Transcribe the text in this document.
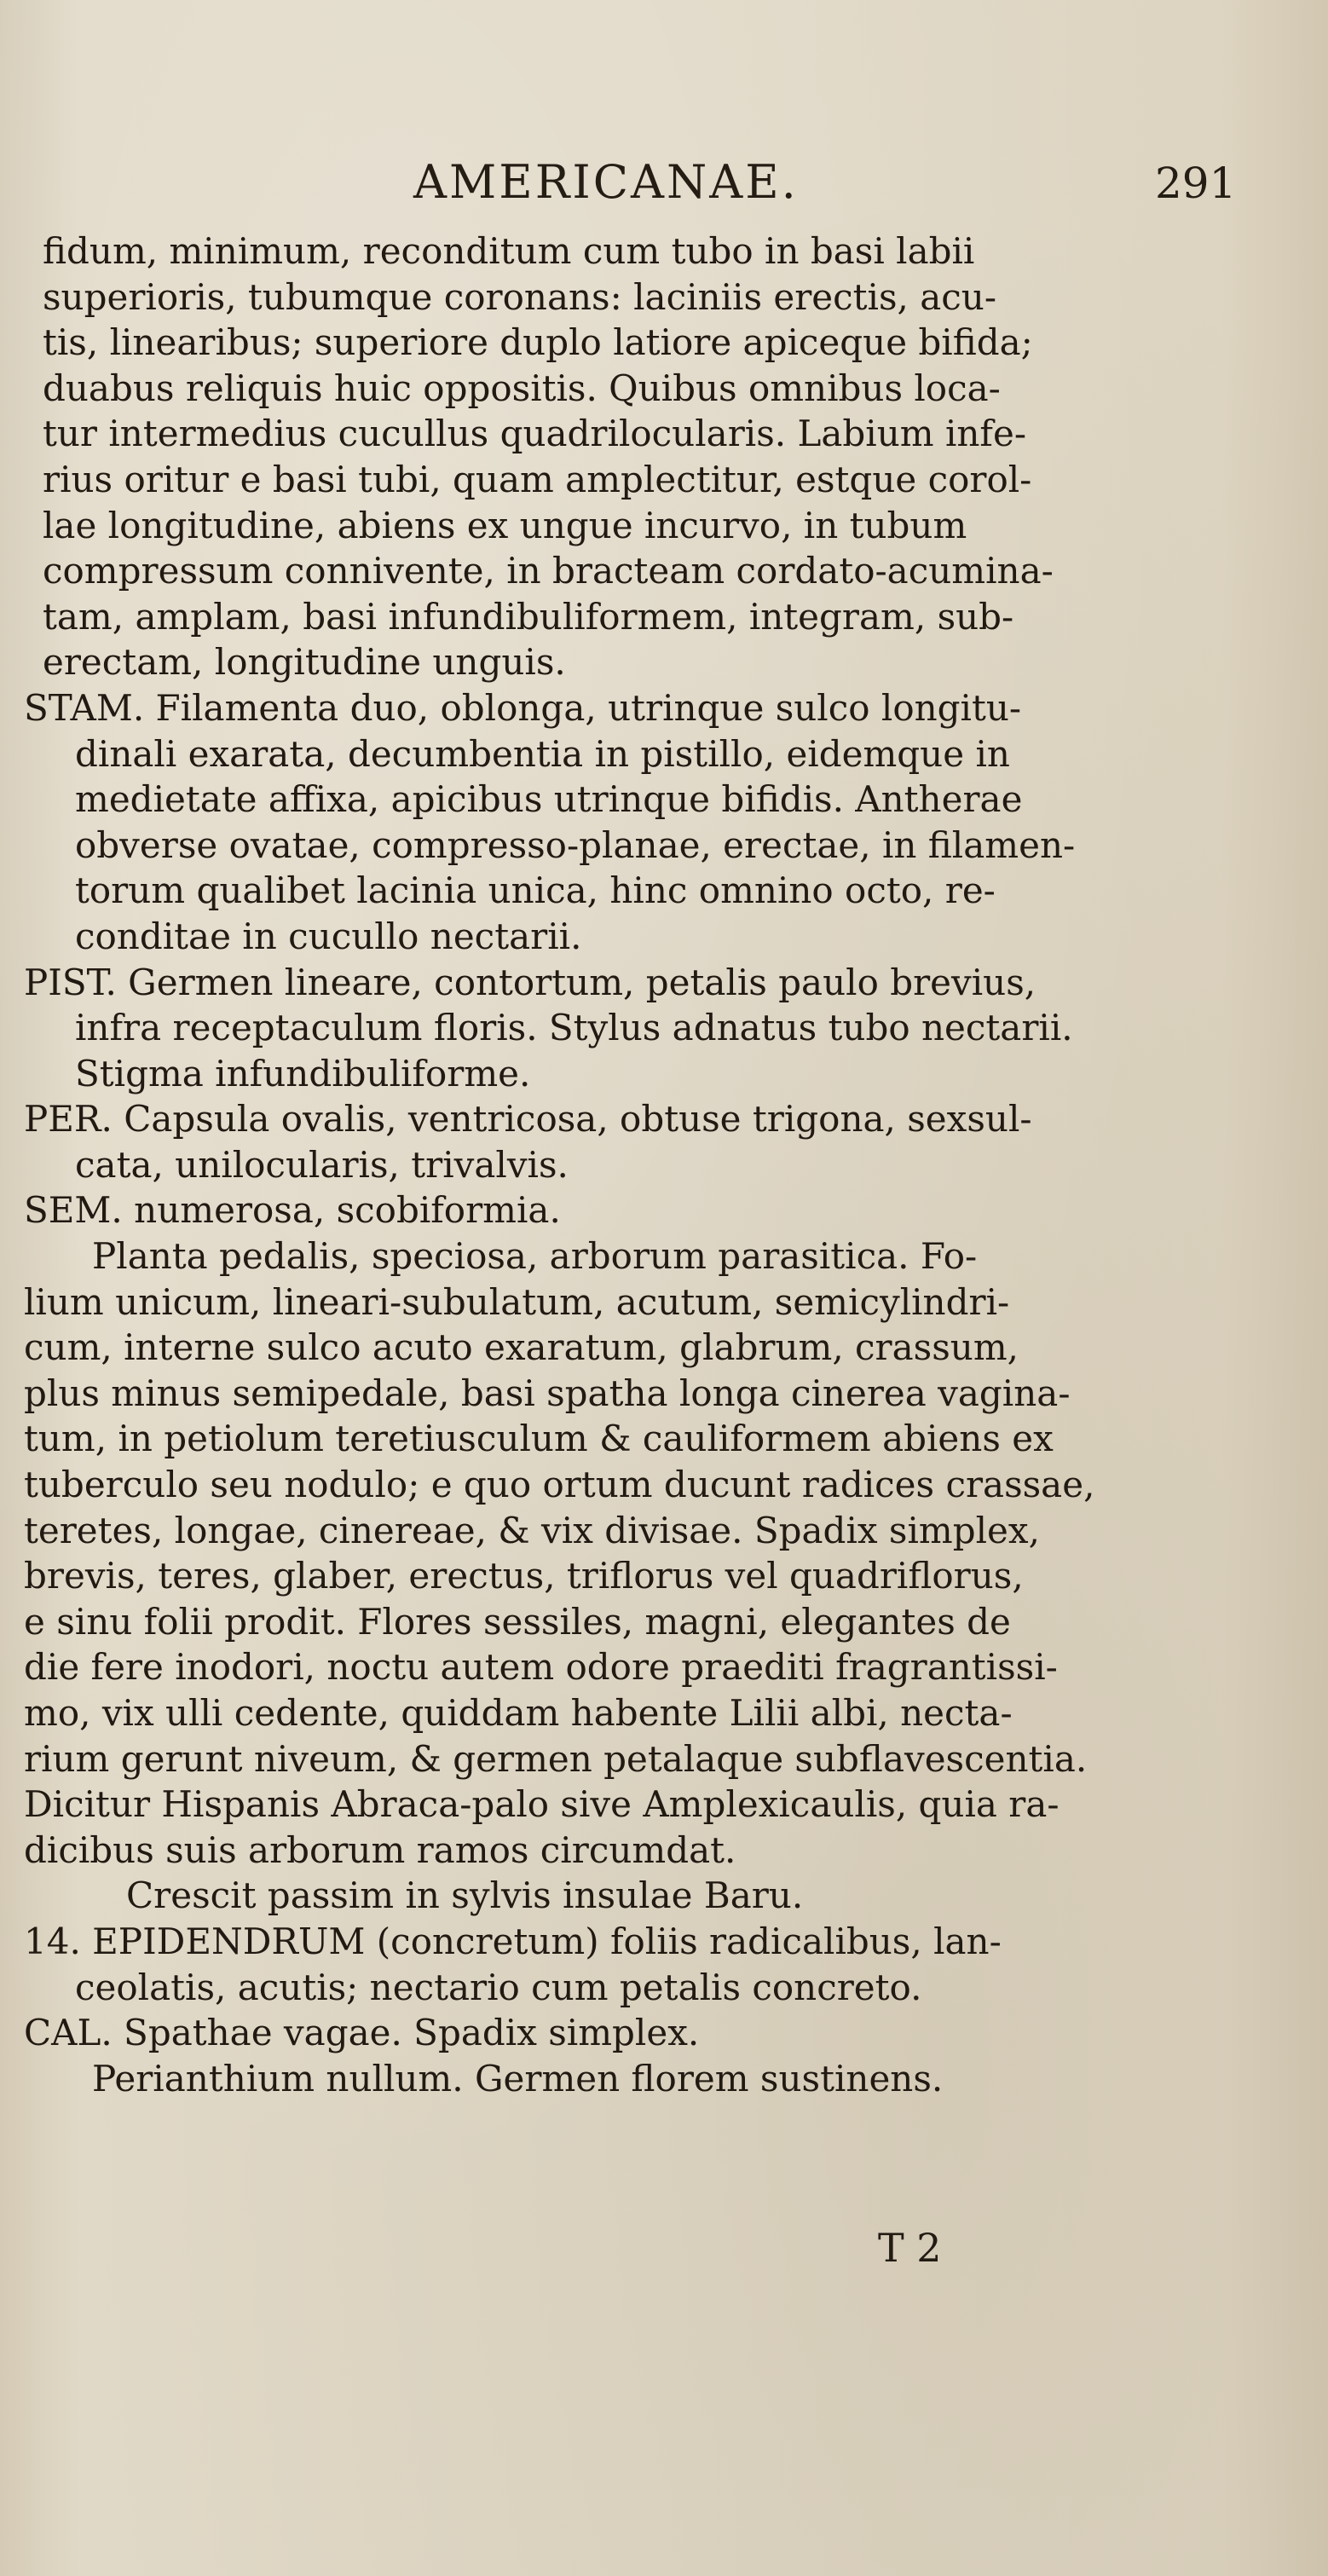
AMERICANAE.	291
fidum, minimum, reconditum cum tubo in basi labii
superioris, tubumque coronans: laciniis erectis, acu-
tis, linearibus; superiore duplo latiore apiceque bifida;
duabus reliquis huic oppositis. Quibus omnibus loca-
tur intermedius cucullus quadrilocularis. Labium infe-
rius oritur e basi tubi, quam amplectitur, estque corol-
lae longitudine, abiens ex ungue incurvo, in tubum
compressum connivente, in bracteam cordato-acumina-
tam, amplam, basi infundibuliformem, integram, sub-
erectam, longitudine unguis.
STAM. Filamenta duo, oblonga, utrinque sulco longitu-
dinali exarata, decumbentia in pistillo, eidemque in
medietate affixa, apicibus utrinque bifidis. Antherae
obverse ovatae, compresso-planae, erectae, in filamen-
torum qualibet lacinia unica, hinc omnino octo, re-
conditae in cucullo nectarii.
PIST. Germen lineare, contortum, petalis paulo brevius,
infra receptaculum floris. Stylus adnatus tubo nectarii.
Stigma infundibuliforme.
PER. Capsula ovalis, ventricosa, obtuse trigona, sexsul-
cata, unilocularis, trivalvis.
SEM. numerosa, scobiformia.
Planta pedalis, speciosa, arborum parasitica. Fo-
lium unicum, lineari-subulatum, acutum, semicylindri-
cum, interne sulco acuto exaratum, glabrum, crassum,
plus minus semipedale, basi spatha longa cinerea vagina-
tum, in petiolum teretiusculum & cauliformem abiens ex
tuberculo seu nodulo; e quo ortum ducunt radices crassae,
teretes, longae, cinereae, & vix divisae. Spadix simplex,
brevis, teres, glaber, erectus, triflorus vel quadriflorus,
e sinu folii prodit. Flores sessiles, magni, elegantes de
die fere inodori, noctu autem odore praediti fragrantissi-
mo, vix ulli cedente, quiddam habente Lilii albi, necta-
rium gerunt niveum, & germen petalaque subflavescentia.
Dicitur Hispanis Abraca-palo sive Amplexicaulis, quia ra-
dicibus suis arborum ramos circumdat.
Crescit passim in sylvis insulae Baru.
14. EPIDENDRUM (concretum) foliis radicalibus, lan-
ceolatis, acutis; nectario cum petalis concreto.
CAL. Spathae vagae. Spadix simplex.
Perianthium nullum. Germen florem sustinens.
T 2
